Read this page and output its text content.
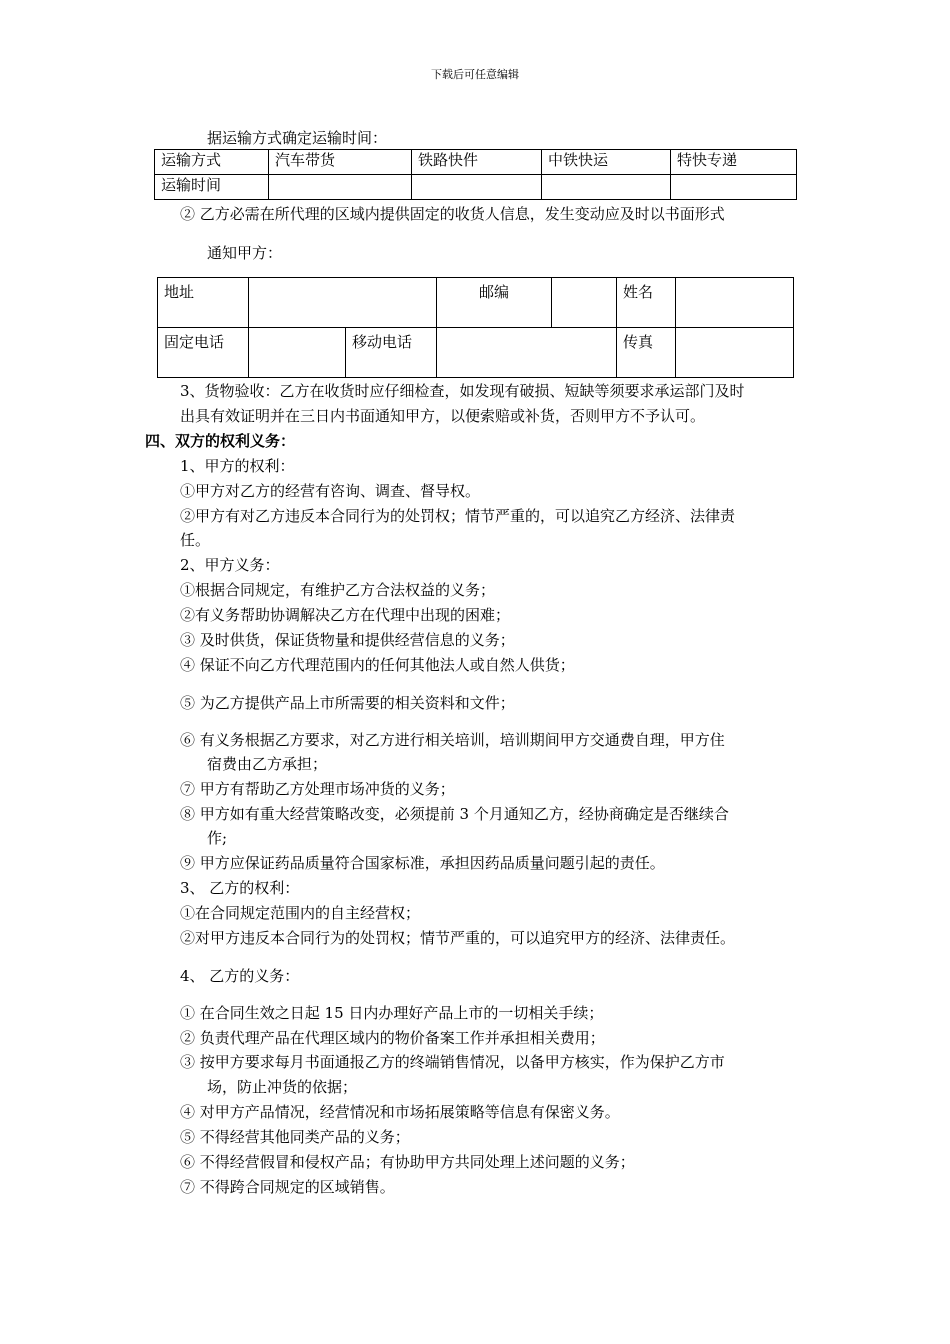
下载后可任意编辑
据运输方式确定运输时间：
运输方式	汽车带货	铁路快件	中铁快运	特快专递
运输时间				
② 乙方必需在所代理的区域内提供固定的收货人信息，发生变动应及时以书面形式
通知甲方：
地址			邮编		姓名	
固定电话		移动电话			传真	
3、货物验收：乙方在收货时应仔细检查，如发现有破损、短缺等须要求承运部门及时
出具有效证明并在三日内书面通知甲方，以便索赔或补货，否则甲方不予认可。
四、双方的权利义务：
1、甲方的权利：
①甲方对乙方的经营有咨询、调查、督导权。
②甲方有对乙方违反本合同行为的处罚权；情节严重的，可以追究乙方经济、法律责
任。
2、甲方义务：
①根据合同规定，有维护乙方合法权益的义务；
②有义务帮助协调解决乙方在代理中出现的困难；
③ 及时供货，保证货物量和提供经营信息的义务；
④ 保证不向乙方代理范围内的任何其他法人或自然人供货；
⑤ 为乙方提供产品上市所需要的相关资料和文件；
⑥ 有义务根据乙方要求，对乙方进行相关培训，培训期间甲方交通费自理，甲方住
宿费由乙方承担；
⑦ 甲方有帮助乙方处理市场冲货的义务；
⑧ 甲方如有重大经营策略改变，必须提前 3 个月通知乙方，经协商确定是否继续合
作;
⑨ 甲方应保证药品质量符合国家标准，承担因药品质量问题引起的责任。
3、 乙方的权利：
①在合同规定范围内的自主经营权；
②对甲方违反本合同行为的处罚权；情节严重的，可以追究甲方的经济、法律责任。
4、 乙方的义务：
① 在合同生效之日起 15 日内办理好产品上市的一切相关手续；
② 负责代理产品在代理区域内的物价备案工作并承担相关费用；
③ 按甲方要求每月书面通报乙方的终端销售情况，以备甲方核实，作为保护乙方市
场，防止冲货的依据；
④ 对甲方产品情况，经营情况和市场拓展策略等信息有保密义务。
⑤ 不得经营其他同类产品的义务；
⑥ 不得经营假冒和侵权产品；有协助甲方共同处理上述问题的义务；
⑦ 不得跨合同规定的区域销售。
